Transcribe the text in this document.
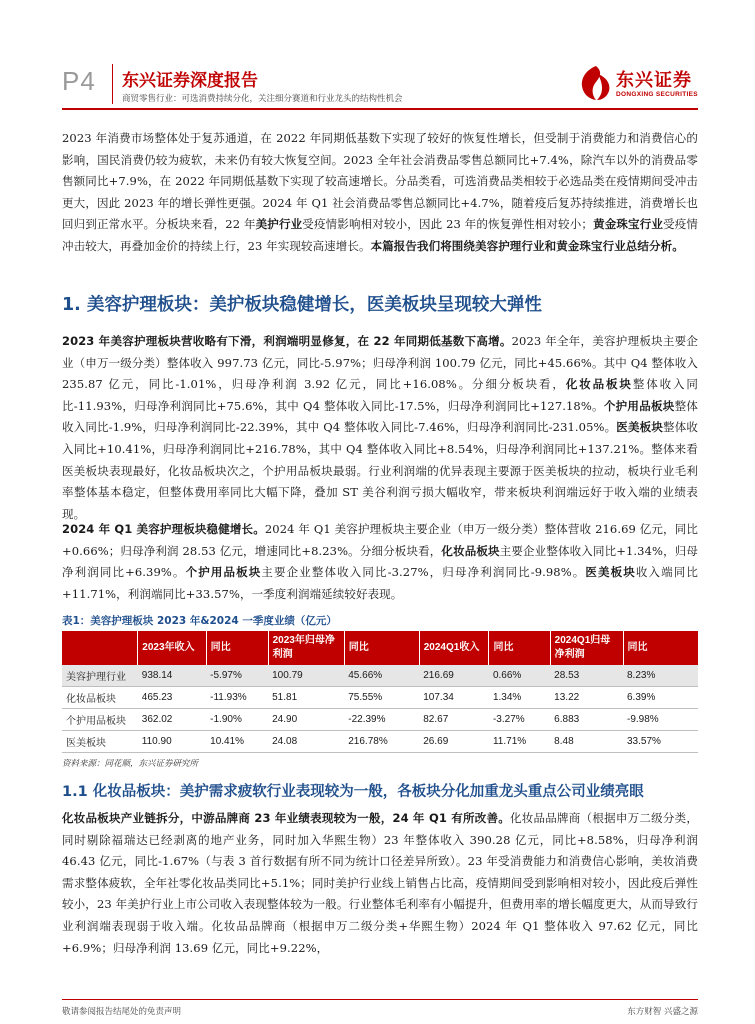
P4 东兴证券深度报告
商贸零售行业：可选消费持续分化，关注细分赛道和行业龙头的结构性机会
东兴证券
DONGXING SECURITIES

2023 年消费市场整体处于复苏通道，在 2022 年同期低基数下实现了较好的恢复性增长，但受制于消费能力和消费信心的影响，国民消费仍较为疲软，未来仍有较大恢复空间。2023 全年社会消费品零售总额同比+7.4%，除汽车以外的消费品零售额同比+7.9%，在 2022 年同期低基数下实现了较高速增长。分品类看，可选消费品类相较于必选品类在疫情期间受冲击更大，因此 2023 年的增长弹性更强。2024 年 Q1 社会消费品零售总额同比+4.7%，随着疫后复苏持续推进，消费增长也回归到正常水平。分板块来看，22 年美护行业受疫情影响相对较小，因此 23 年的恢复弹性相对较小；黄金珠宝行业受疫情冲击较大，再叠加金价的持续上行，23 年实现较高速增长。本篇报告我们将围绕美容护理行业和黄金珠宝行业总结分析。

1. 美容护理板块：美护板块稳健增长，医美板块呈现较大弹性

2023 年美容护理板块营收略有下滑，利润端明显修复，在 22 年同期低基数下高增。2023 年全年，美容护理板块主要企业（申万一级分类）整体收入 997.73 亿元，同比-5.97%；归母净利润 100.79 亿元，同比+45.66%。其中 Q4 整体收入 235.87 亿元，同比-1.01%，归母净利润 3.92 亿元，同比+16.08%。分细分板块看，化妆品板块整体收入同比-11.93%，归母净利润同比+75.6%，其中 Q4 整体收入同比-17.5%，归母净利润同比+127.18%。个护用品板块整体收入同比-1.9%，归母净利润同比-22.39%，其中 Q4 整体收入同比-7.46%，归母净利润同比-231.05%。医美板块整体收入同比+10.41%，归母净利润同比+216.78%，其中 Q4 整体收入同比+8.54%，归母净利润同比+137.21%。整体来看医美板块表现最好，化妆品板块次之，个护用品板块最弱。行业利润端的优异表现主要源于医美板块的拉动，板块行业毛利率整体基本稳定，但整体费用率同比大幅下降，叠加 ST 美谷利润亏损大幅收窄，带来板块利润端远好于收入端的业绩表现。

2024 年 Q1 美容护理板块稳健增长。2024 年 Q1 美容护理板块主要企业（申万一级分类）整体营收 216.69 亿元，同比+0.66%；归母净利润 28.53 亿元，增速同比+8.23%。分细分板块看，化妆品板块主要企业整体收入同比+1.34%，归母净利润同比+6.39%。个护用品板块主要企业整体收入同比-3.27%，归母净利润同比-9.98%。医美板块收入端同比+11.71%，利润端同比+33.57%，一季度利润端延续较好表现。

表1：美容护理板块 2023 年&2024 一季度业绩（亿元）
	2023年收入	同比	2023年归母净利润	同比	2024Q1收入	同比	2024Q1归母净利润	同比
美容护理行业	938.14	-5.97%	100.79	45.66%	216.69	0.66%	28.53	8.23%
化妆品板块	465.23	-11.93%	51.81	75.55%	107.34	1.34%	13.22	6.39%
个护用品板块	362.02	-1.90%	24.90	-22.39%	82.67	-3.27%	6.883	-9.98%
医美板块	110.90	10.41%	24.08	216.78%	26.69	11.71%	8.48	33.57%
资料来源：同花顺，东兴证券研究所
1.1 化妆品板块：美护需求疲软行业表现较为一般，各板块分化加重龙头重点公司业绩亮眼

化妆品板块产业链拆分，中游品牌商 23 年业绩表现较为一般，24 年 Q1 有所改善。化妆品品牌商（根据申万二级分类，同时剔除福瑞达已经剥离的地产业务，同时加入华熙生物）23 年整体收入 390.28 亿元，同比+8.58%，归母净利润 46.43 亿元，同比-1.67%（与表 3 首行数据有所不同为统计口径差异所致）。23 年受消费能力和消费信心影响，美妆消费需求整体疲软，全年社零化妆品类同比+5.1%；同时美护行业线上销售占比高，疫情期间受到影响相对较小，因此疫后弹性较小，23 年美护行业上市公司收入表现整体较为一般。行业整体毛利率有小幅提升，但费用率的增长幅度更大，从而导致行业利润端表现弱于收入端。化妆品品牌商（根据申万二级分类+华熙生物）2024 年 Q1 整体收入 97.62 亿元，同比+6.9%；归母净利润 13.69 亿元，同比+9.22%，

敬请参阅报告结尾处的免责声明	东方财智 兴盛之源
